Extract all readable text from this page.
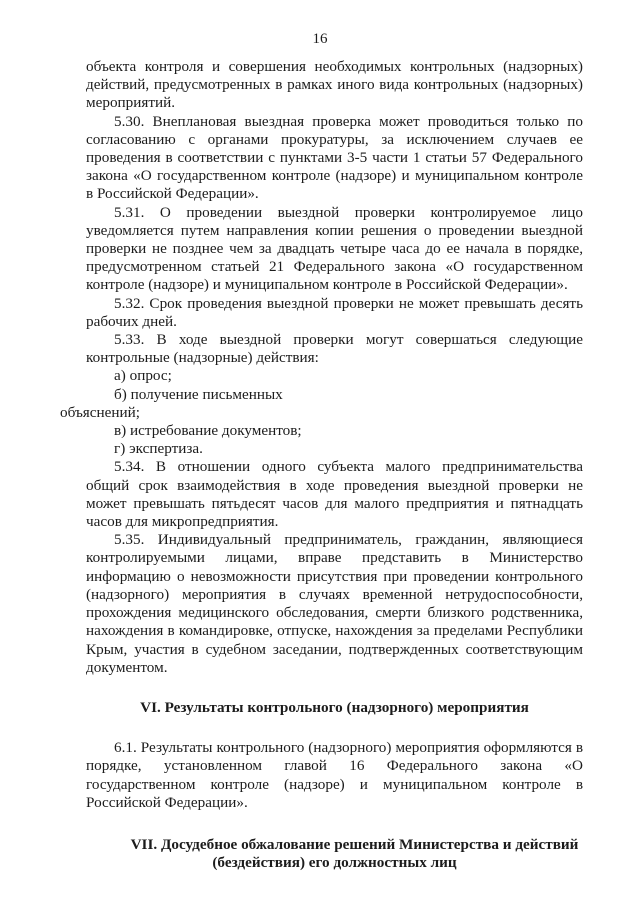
16

объекта контроля и совершения необходимых контрольных (надзорных) действий, предусмотренных в рамках иного вида контрольных (надзорных) мероприятий.

5.30. Внеплановая выездная проверка может проводиться только по согласованию с органами прокуратуры, за исключением случаев ее проведения в соответствии с пунктами 3-5 части 1 статьи 57 Федерального закона «О государственном контроле (надзоре) и муниципальном контроле в Российской Федерации».

5.31. О проведении выездной проверки контролируемое лицо уведомляется путем направления копии решения о проведении выездной проверки не позднее чем за двадцать четыре часа до ее начала в порядке, предусмотренном статьей 21 Федерального закона «О государственном контроле (надзоре) и муниципальном контроле в Российской Федерации».

5.32. Срок проведения выездной проверки не может превышать десять рабочих дней.

5.33. В ходе выездной проверки могут совершаться следующие контрольные (надзорные) действия:

а) опрос;

б) получение письменных
объяснений;

в) истребование документов;

г) экспертиза.

5.34. В отношении одного субъекта малого предпринимательства общий срок взаимодействия в ходе проведения выездной проверки не может превышать пятьдесят часов для малого предприятия и пятнадцать часов для микропредприятия.

5.35. Индивидуальный предприниматель, гражданин, являющиеся контролируемыми лицами, вправе представить в Министерство информацию о невозможности присутствия при проведении контрольного (надзорного) мероприятия в случаях временной нетрудоспособности, прохождения медицинского обследования, смерти близкого родственника, нахождения в командировке, отпуске, нахождения за пределами Республики Крым, участия в судебном заседании, подтвержденных соответствующим документом.

VI. Результаты контрольного (надзорного) мероприятия

6.1. Результаты контрольного (надзорного) мероприятия оформляются в порядке, установленном главой 16 Федерального закона «О государственном контроле (надзоре) и муниципальном контроле в Российской Федерации».

VII. Досудебное обжалование решений Министерства и действий
(бездействия) его должностных лиц
